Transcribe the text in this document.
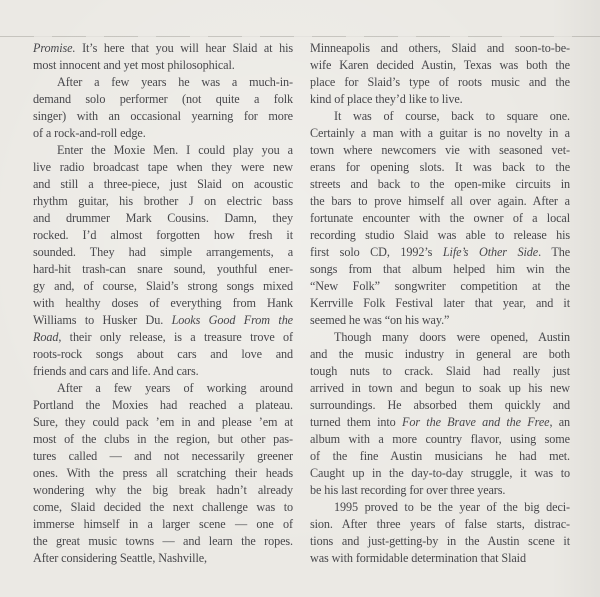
Promise. It’s here that you will hear Slaid at his
most innocent and yet most philosophical.
After a few years he was a much-in-
demand solo performer (not quite a folk
singer) with an occasional yearning for more
of a rock-and-roll edge.
Enter the Moxie Men. I could play you a
live radio broadcast tape when they were new
and still a three-piece, just Slaid on acoustic
rhythm guitar, his brother J on electric bass
and drummer Mark Cousins. Damn, they
rocked. I’d almost forgotten how fresh it
sounded. They had simple arrangements, a
hard-hit trash-can snare sound, youthful ener-
gy and, of course, Slaid’s strong songs mixed
with healthy doses of everything from Hank
Williams to Husker Du. Looks Good From the
Road, their only release, is a treasure trove of
roots-rock songs about cars and love and
friends and cars and life. And cars.
After a few years of working around
Portland the Moxies had reached a plateau.
Sure, they could pack ’em in and please ’em at
most of the clubs in the region, but other pas-
tures called — and not necessarily greener
ones. With the press all scratching their heads
wondering why the big break hadn’t already
come, Slaid decided the next challenge was to
immerse himself in a larger scene — one of
the great music towns — and learn the ropes.
After considering Seattle, Nashville,
Minneapolis and others, Slaid and soon-to-be-
wife Karen decided Austin, Texas was both the
place for Slaid’s type of roots music and the
kind of place they’d like to live.
It was of course, back to square one.
Certainly a man with a guitar is no novelty in a
town where newcomers vie with seasoned vet-
erans for opening slots. It was back to the
streets and back to the open-mike circuits in
the bars to prove himself all over again. After a
fortunate encounter with the owner of a local
recording studio Slaid was able to release his
first solo CD, 1992’s Life’s Other Side. The
songs from that album helped him win the
“New Folk” songwriter competition at the
Kerrville Folk Festival later that year, and it
seemed he was “on his way.”
Though many doors were opened, Austin
and the music industry in general are both
tough nuts to crack. Slaid had really just
arrived in town and begun to soak up his new
surroundings. He absorbed them quickly and
turned them into For the Brave and the Free, an
album with a more country flavor, using some
of the fine Austin musicians he had met.
Caught up in the day-to-day struggle, it was to
be his last recording for over three years.
1995 proved to be the year of the big deci-
sion. After three years of false starts, distrac-
tions and just-getting-by in the Austin scene it
was with formidable determination that Slaid
